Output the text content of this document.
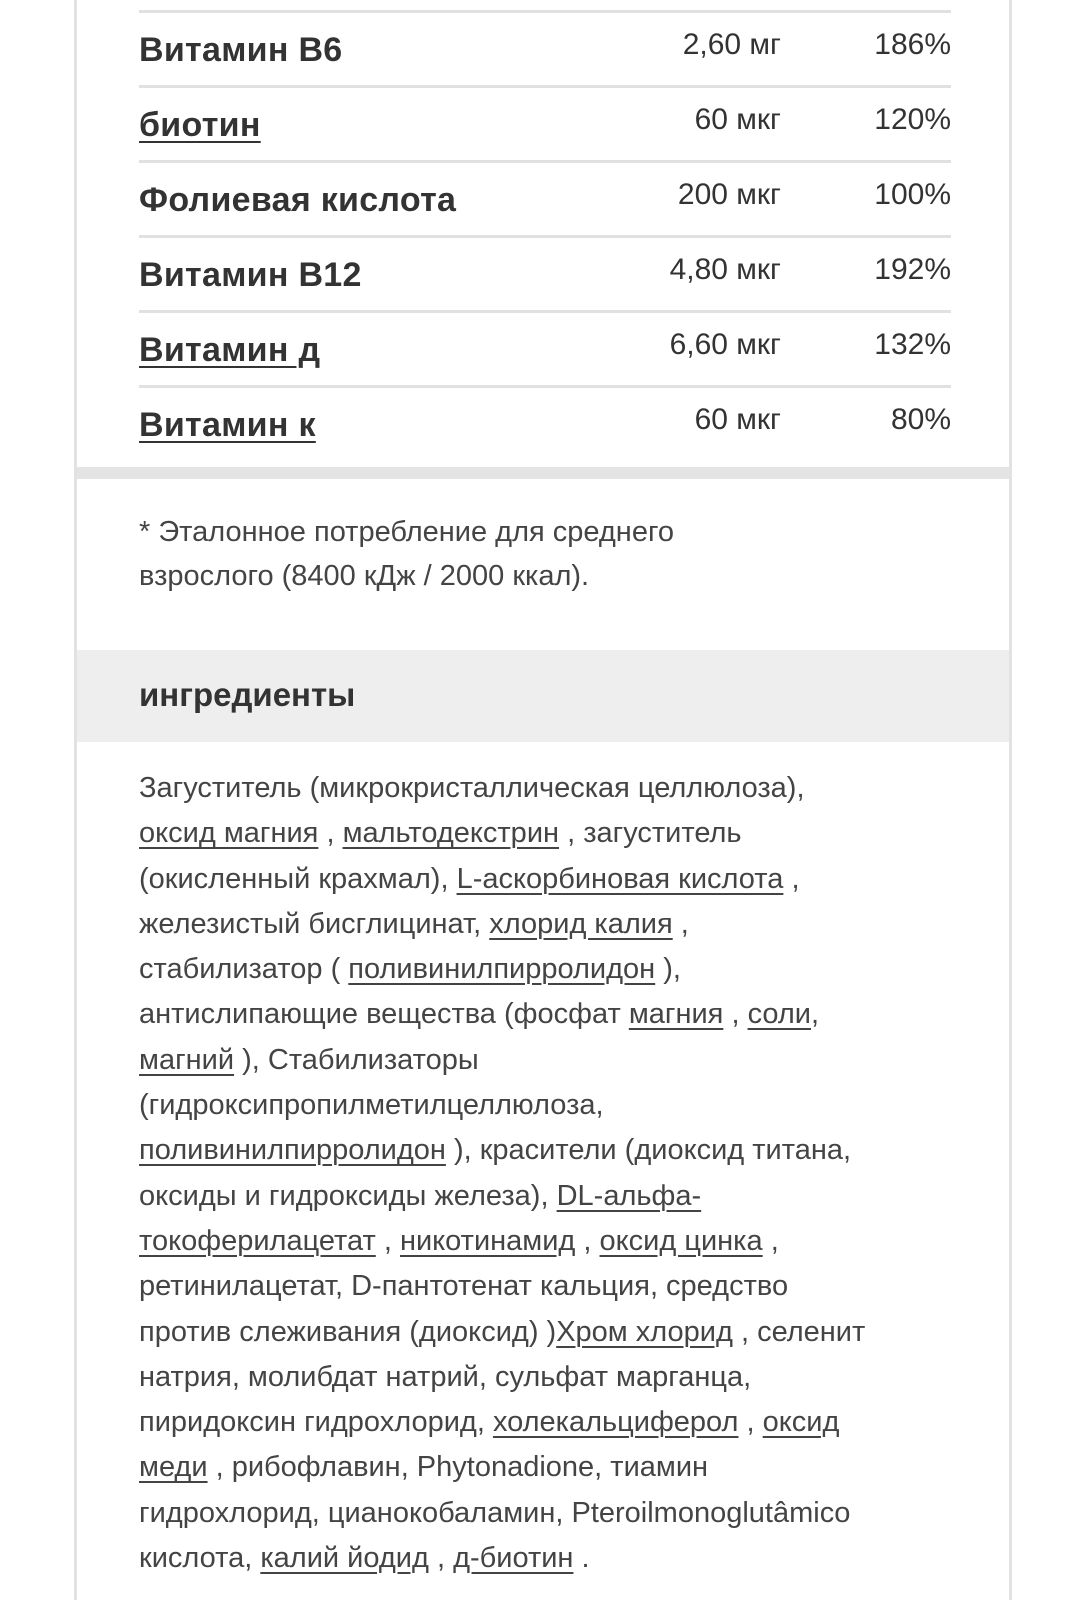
Витамин B6	2,60 мг	186%
биотин	60 мкг	120%
Фолиевая кислота	200 мкг	100%
Витамин B12	4,80 мкг	192%
Витамин д	6,60 мкг	132%
Витамин к	60 мкг	80%
* Эталонное потребление для среднего
взрослого (8400 кДж / 2000 ккал).
ингредиенты
Загуститель (микрокристаллическая целлюлоза),
оксид магния , мальтодекстрин , загуститель
(окисленный крахмал), L-аскорбиновая кислота ,
железистый бисглицинат, хлорид калия ,
стабилизатор ( поливинилпирролидон ),
антислипающие вещества (фосфат магния , соли,
магний ), Стабилизаторы
(гидроксипропилметилцеллюлоза,
поливинилпирролидон ), красители (диоксид титана,
оксиды и гидроксиды железа), DL-альфа-
токоферилацетат , никотинамид , оксид цинка ,
ретинилацетат, D-пантотенат кальция, средство
против слеживания (диоксид) )Хром хлорид , селенит
натрия, молибдат натрий, сульфат марганца,
пиридоксин гидрохлорид, холекальциферол , оксид
меди , рибофлавин, Phytonadione, тиамин
гидрохлорид, цианокобаламин, Pteroilmonoglutâmico
кислота, калий йодид , д-биотин .
